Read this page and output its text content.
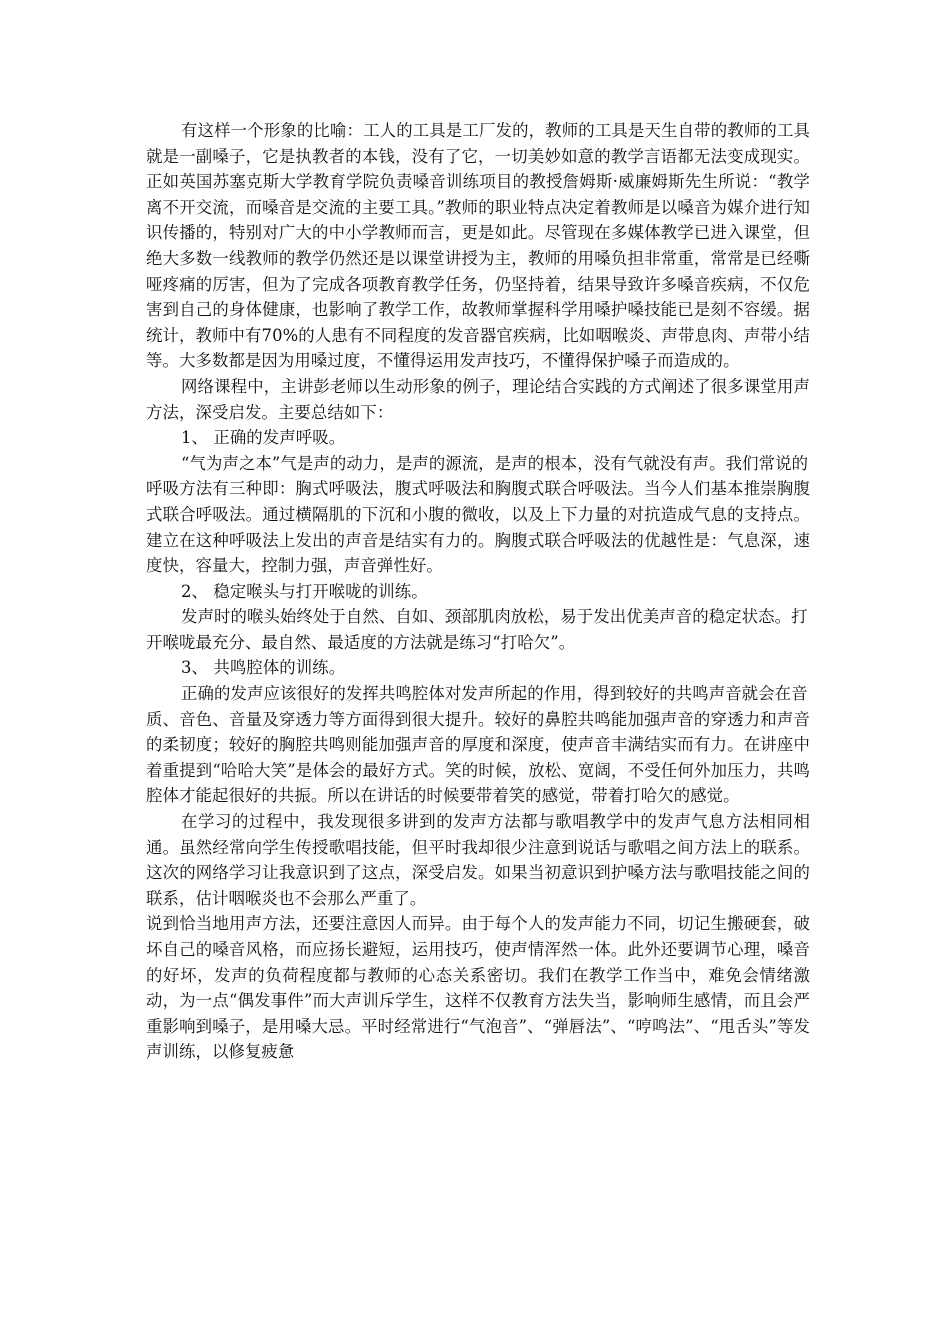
有这样一个形象的比喻：工人的工具是工厂发的，教师的工具是天生自带的教师的工具就是一副嗓子，它是执教者的本钱，没有了它，一切美妙如意的教学言语都无法变成现实。正如英国苏塞克斯大学教育学院负责嗓音训练项目的教授詹姆斯·威廉姆斯先生所说：“教学离不开交流，而嗓音是交流的主要工具。”教师的职业特点决定着教师是以嗓音为媒介进行知识传播的，特别对广大的中小学教师而言，更是如此。尽管现在多媒体教学已进入课堂，但绝大多数一线教师的教学仍然还是以课堂讲授为主，教师的用嗓负担非常重，常常是已经嘶哑疼痛的厉害，但为了完成各项教育教学任务，仍坚持着，结果导致许多嗓音疾病，不仅危害到自己的身体健康，也影响了教学工作，故教师掌握科学用嗓护嗓技能已是刻不容缓。据统计，教师中有70%的人患有不同程度的发音器官疾病，比如咽喉炎、声带息肉、声带小结等。大多数都是因为用嗓过度，不懂得运用发声技巧，不懂得保护嗓子而造成的。

网络课程中，主讲彭老师以生动形象的例子，理论结合实践的方式阐述了很多课堂用声方法，深受启发。主要总结如下：

1、 正确的发声呼吸。

“气为声之本”气是声的动力，是声的源流，是声的根本，没有气就没有声。我们常说的

呼吸方法有三种即：胸式呼吸法，腹式呼吸法和胸腹式联合呼吸法。当今人们基本推崇胸腹式联合呼吸法。通过横隔肌的下沉和小腹的微收，以及上下力量的对抗造成气息的支持点。建立在这种呼吸法上发出的声音是结实有力的。胸腹式联合呼吸法的优越性是：气息深，速度快，容量大，控制力强，声音弹性好。

2、 稳定喉头与打开喉咙的训练。

发声时的喉头始终处于自然、自如、颈部肌肉放松，易于发出优美声音的稳定状态。打

开喉咙最充分、最自然、最适度的方法就是练习“打哈欠”。

3、 共鸣腔体的训练。

正确的发声应该很好的发挥共鸣腔体对发声所起的作用，得到较好的共鸣声音就会在音

质、音色、音量及穿透力等方面得到很大提升。较好的鼻腔共鸣能加强声音的穿透力和声音的柔韧度；较好的胸腔共鸣则能加强声音的厚度和深度，使声音丰满结实而有力。在讲座中着重提到“哈哈大笑”是体会的最好方式。笑的时候，放松、宽阔，不受任何外加压力，共鸣腔体才能起很好的共振。所以在讲话的时候要带着笑的感觉，带着打哈欠的感觉。

在学习的过程中，我发现很多讲到的发声方法都与歌唱教学中的发声气息方法相同相通。虽然经常向学生传授歌唱技能，但平时我却很少注意到说话与歌唱之间方法上的联系。这次的网络学习让我意识到了这点，深受启发。如果当初意识到护嗓方法与歌唱技能之间的联系，估计咽喉炎也不会那么严重了。

说到恰当地用声方法，还要注意因人而异。由于每个人的发声能力不同，切记生搬硬套，破坏自己的嗓音风格，而应扬长避短，运用技巧，使声情浑然一体。此外还要调节心理，嗓音的好坏，发声的负荷程度都与教师的心态关系密切。我们在教学工作当中，难免会情绪激动，为一点“偶发事件”而大声训斥学生，这样不仅教育方法失当，影响师生感情，而且会严重影响到嗓子，是用嗓大忌。平时经常进行“气泡音”、“弹唇法”、“哼鸣法”、“甩舌头”等发声训练，以修复疲惫
